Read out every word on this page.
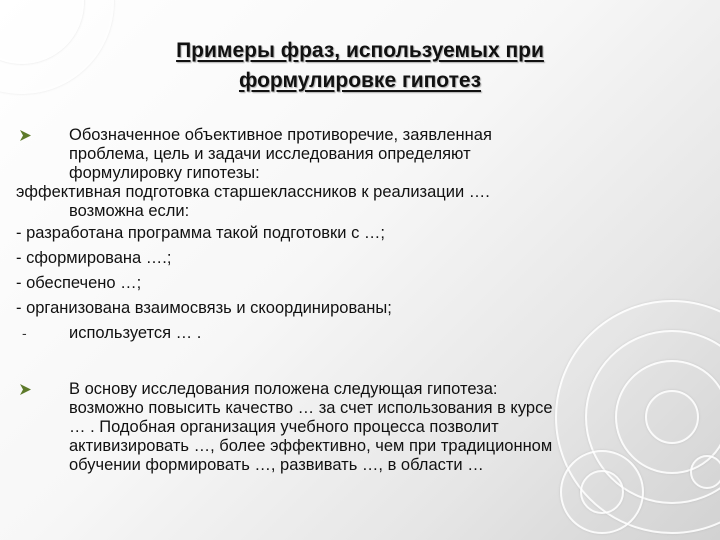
Примеры фраз, используемых при
формулировке гипотез
Обозначенное объективное противоречие, заявленная
проблема, цель и задачи исследования определяют
формулировку гипотезы:
эффективная подготовка старшеклассников к реализации ….
возможна если:
- разработана программа такой подготовки с …;
- сформирована ….;
- обеспечено …;
- организована взаимосвязь и скоординированы;
-	используется … .
В основу исследования положена следующая гипотеза:
возможно повысить качество … за счет использования в курсе
… . Подобная организация учебного процесса позволит
активизировать …, более эффективно, чем при традиционном
обучении формировать …, развивать …, в области …
